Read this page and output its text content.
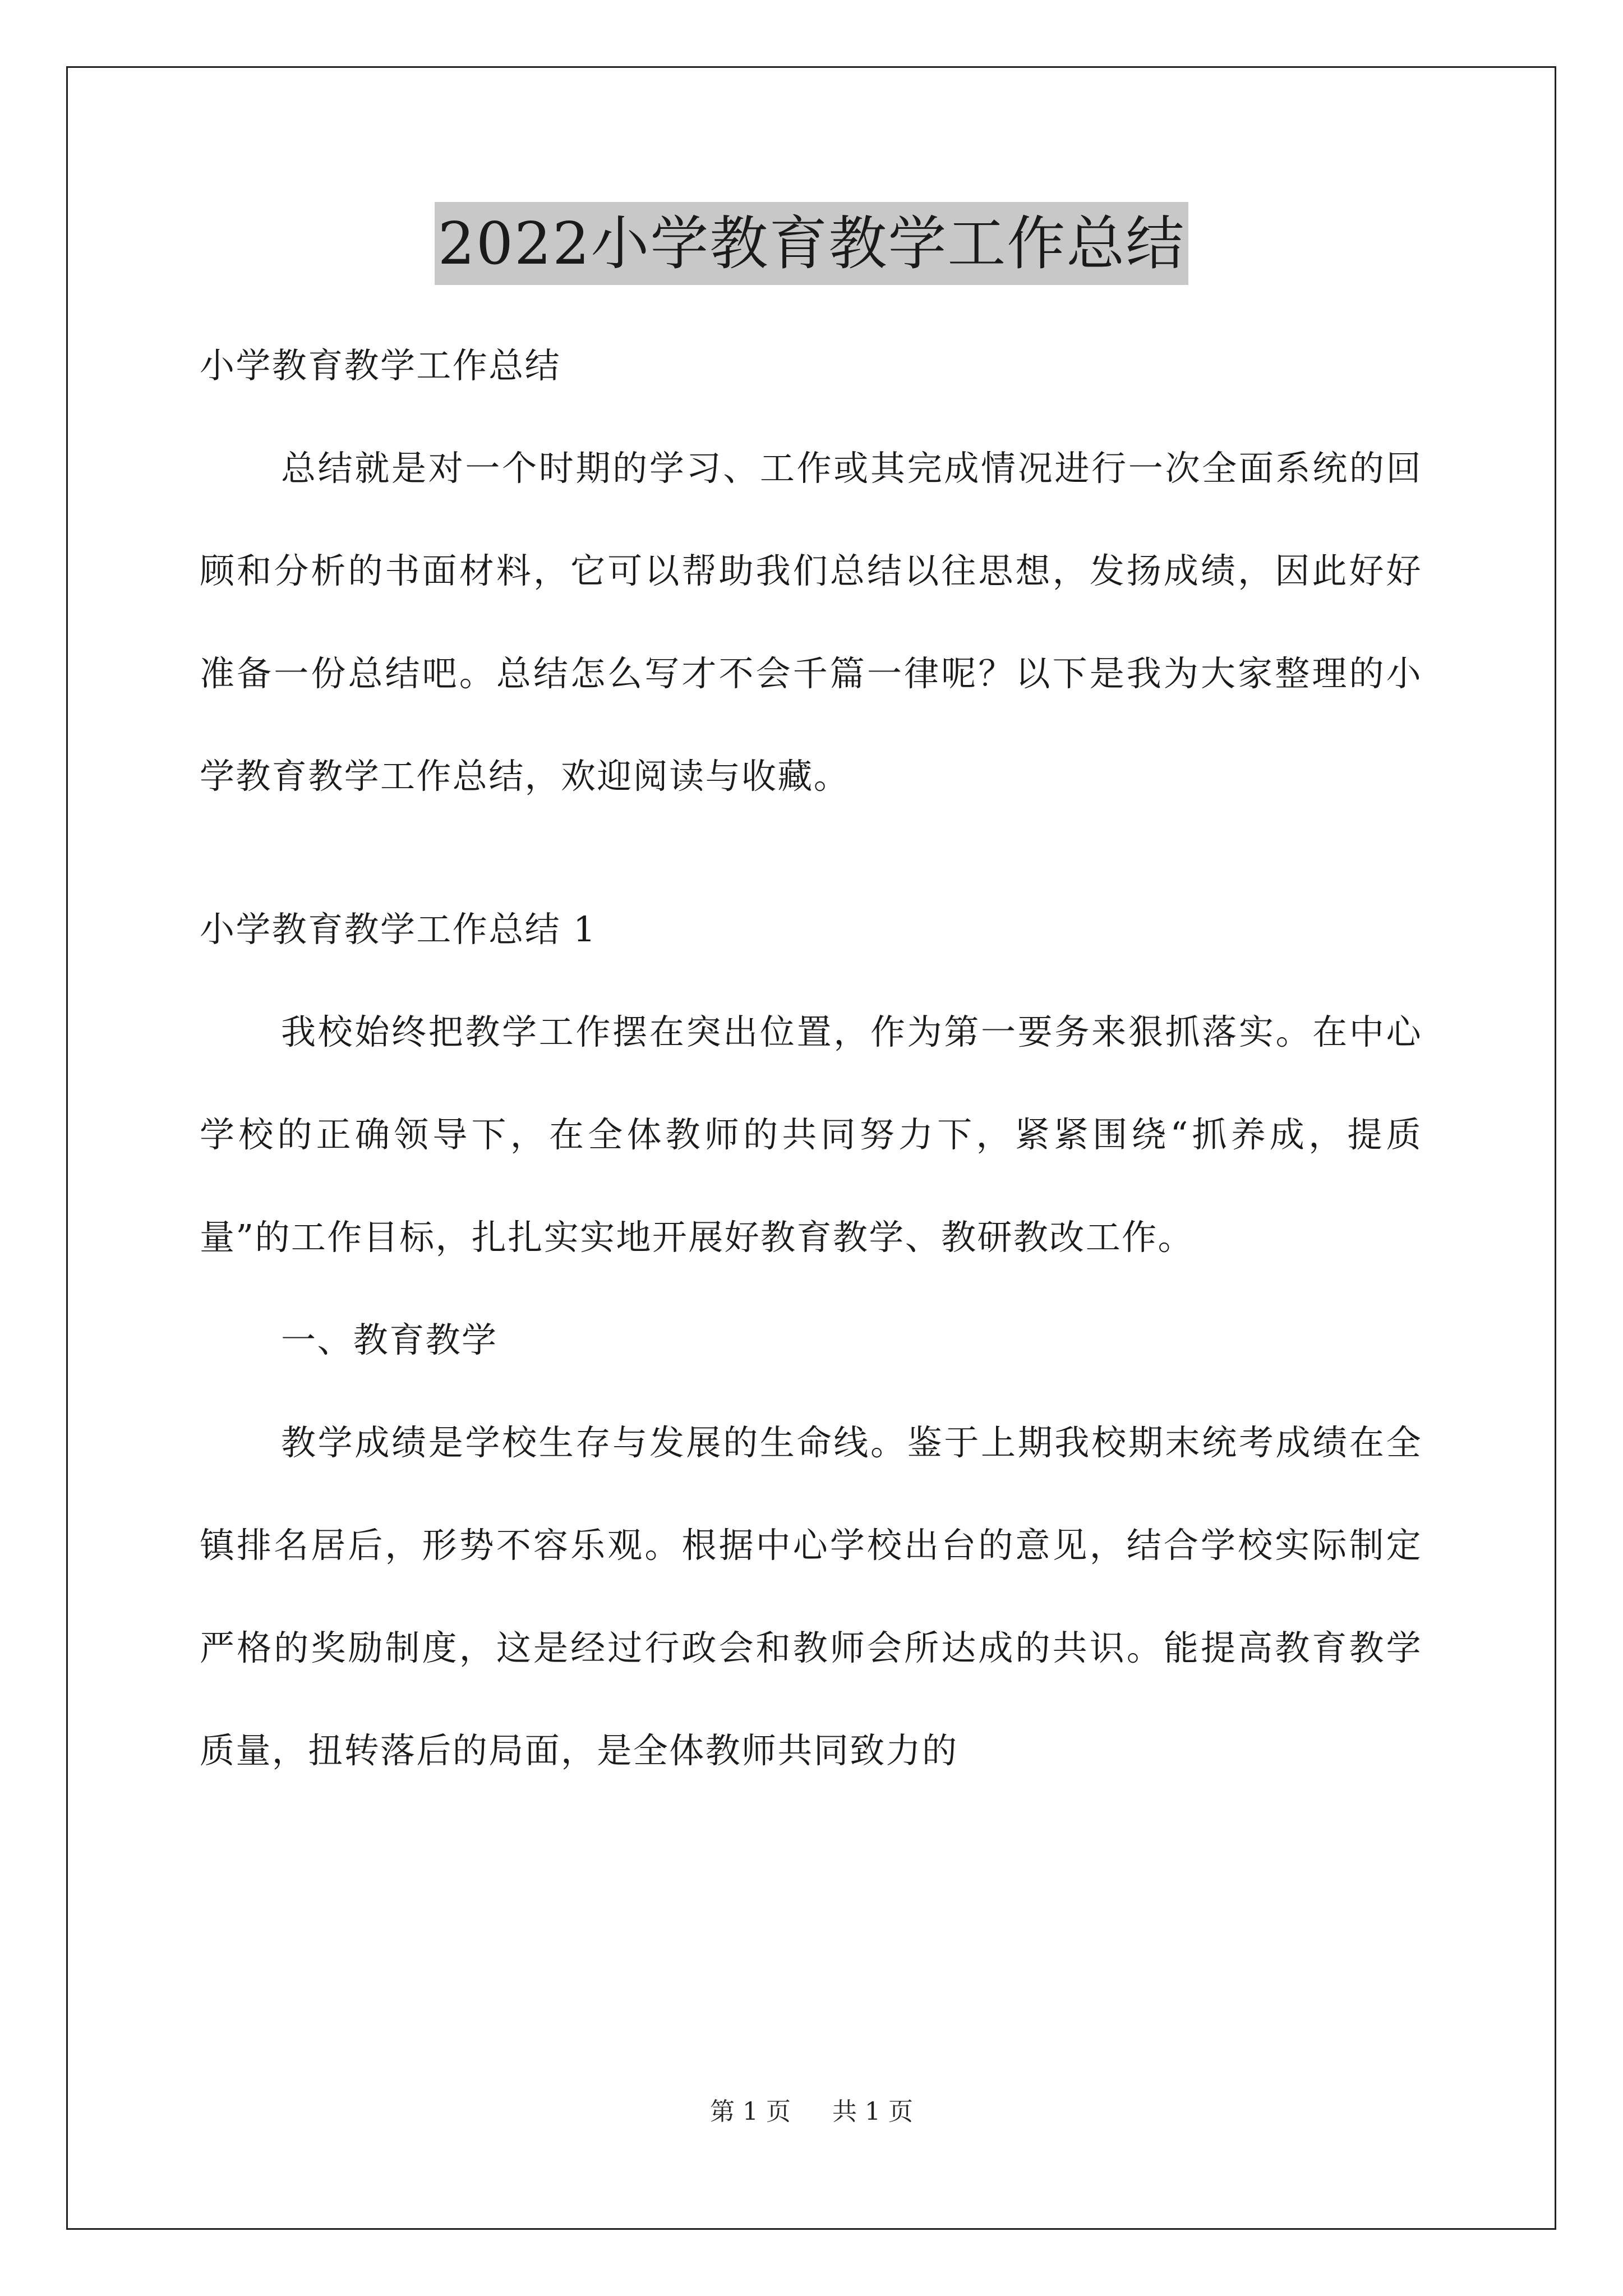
2022小学教育教学工作总结

小学教育教学工作总结

总结就是对一个时期的学习、工作或其完成情况进行一次全面系统的回顾和分析的书面材料，它可以帮助我们总结以往思想，发扬成绩，因此好好准备一份总结吧。总结怎么写才不会千篇一律呢？以下是我为大家整理的小学教育教学工作总结，欢迎阅读与收藏。

小学教育教学工作总结 1

我校始终把教学工作摆在突出位置，作为第一要务来狠抓落实。在中心学校的正确领导下，在全体教师的共同努力下，紧紧围绕“抓养成，提质量”的工作目标，扎扎实实地开展好教育教学、教研教改工作。

一、教育教学

教学成绩是学校生存与发展的生命线。鉴于上期我校期末统考成绩在全镇排名居后，形势不容乐观。根据中心学校出台的意见，结合学校实际制定严格的奖励制度，这是经过行政会和教师会所达成的共识。能提高教育教学质量，扭转落后的局面，是全体教师共同致力的

第 1 页 共 1 页
